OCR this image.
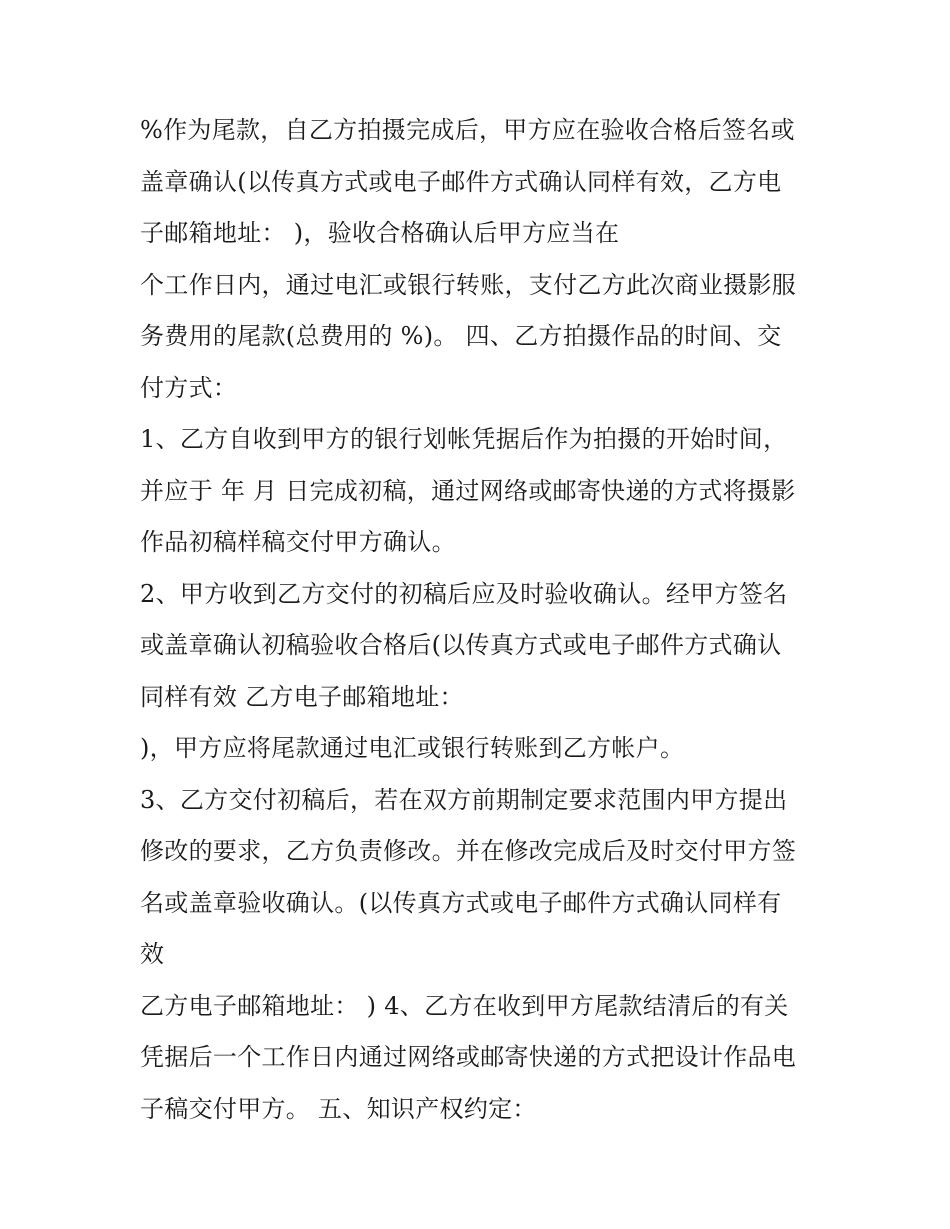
%作为尾款，自乙方拍摄完成后，甲方应在验收合格后签名或
盖章确认(以传真方式或电子邮件方式确认同样有效，乙方电
子邮箱地址： )，验收合格确认后甲方应当在
个工作日内，通过电汇或银行转账，支付乙方此次商业摄影服
务费用的尾款(总费用的 %)。 四、乙方拍摄作品的时间、交
付方式：
1、乙方自收到甲方的银行划帐凭据后作为拍摄的开始时间，
并应于 年 月 日完成初稿，通过网络或邮寄快递的方式将摄影
作品初稿样稿交付甲方确认。
2、甲方收到乙方交付的初稿后应及时验收确认。经甲方签名
或盖章确认初稿验收合格后(以传真方式或电子邮件方式确认
同样有效 乙方电子邮箱地址：
)，甲方应将尾款通过电汇或银行转账到乙方帐户。
3、乙方交付初稿后，若在双方前期制定要求范围内甲方提出
修改的要求，乙方负责修改。并在修改完成后及时交付甲方签
名或盖章验收确认。(以传真方式或电子邮件方式确认同样有
效
乙方电子邮箱地址： ) 4、乙方在收到甲方尾款结清后的有关
凭据后一个工作日内通过网络或邮寄快递的方式把设计作品电
子稿交付甲方。 五、知识产权约定：
